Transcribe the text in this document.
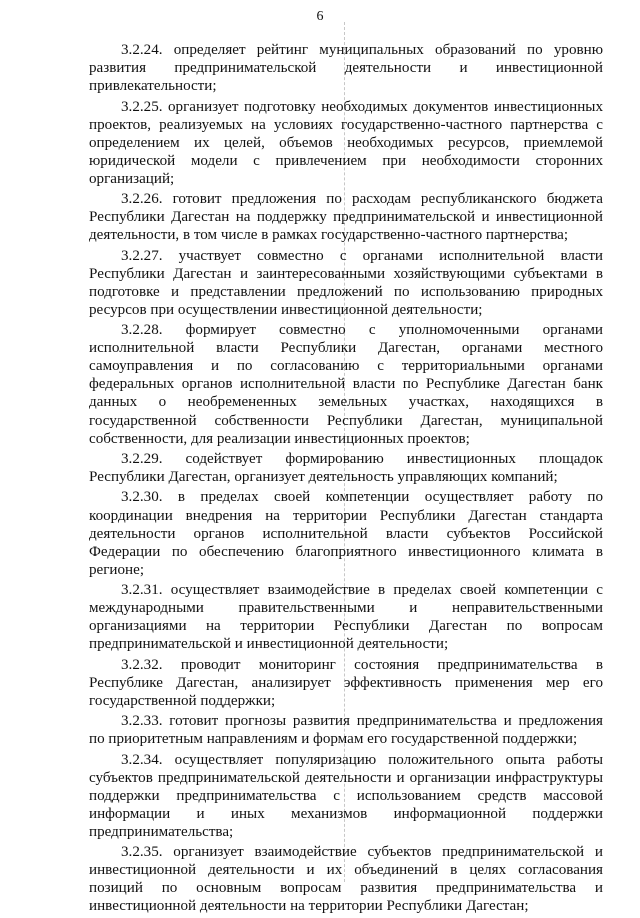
6

3.2.24. определяет рейтинг муниципальных образований по уровню развития предпринимательской деятельности и инвестиционной привлекательности;

3.2.25. организует подготовку необходимых документов инвестиционных проектов, реализуемых на условиях государственно-частного партнерства с определением их целей, объемов необходимых ресурсов, приемлемой юридической модели с привлечением при необходимости сторонних организаций;

3.2.26. готовит предложения по расходам республиканского бюджета Республики Дагестан на поддержку предпринимательской и инвестиционной деятельности, в том числе в рамках государственно-частного партнерства;

3.2.27. участвует совместно с органами исполнительной власти Республики Дагестан и заинтересованными хозяйствующими субъектами в подготовке и представлении предложений по использованию природных ресурсов при осуществлении инвестиционной деятельности;

3.2.28. формирует совместно с уполномоченными органами исполнительной власти Республики Дагестан, органами местного самоуправления и по согласованию с территориальными органами федеральных органов исполнительной власти по Республике Дагестан банк данных о необремененных земельных участках, находящихся в государственной собственности Республики Дагестан, муниципальной собственности, для реализации инвестиционных проектов;

3.2.29. содействует формированию инвестиционных площадок Республики Дагестан, организует деятельность управляющих компаний;

3.2.30. в пределах своей компетенции осуществляет работу по координации внедрения на территории Республики Дагестан стандарта деятельности органов исполнительной власти субъектов Российской Федерации по обеспечению благоприятного инвестиционного климата в регионе;

3.2.31. осуществляет взаимодействие в пределах своей компетенции с международными правительственными и неправительственными организациями на территории Республики Дагестан по вопросам предпринимательской и инвестиционной деятельности;

3.2.32. проводит мониторинг состояния предпринимательства в Республике Дагестан, анализирует эффективность применения мер его государственной поддержки;

3.2.33. готовит прогнозы развития предпринимательства и предложения по приоритетным направлениям и формам его государственной поддержки;

3.2.34. осуществляет популяризацию положительного опыта работы субъектов предпринимательской деятельности и организации инфраструктуры поддержки предпринимательства с использованием средств массовой информации и иных механизмов информационной поддержки предпринимательства;

3.2.35. организует взаимодействие субъектов предпринимательской и инвестиционной деятельности и их объединений в целях согласования позиций по основным вопросам развития предпринимательства и инвестиционной деятельности на территории Республики Дагестан;
